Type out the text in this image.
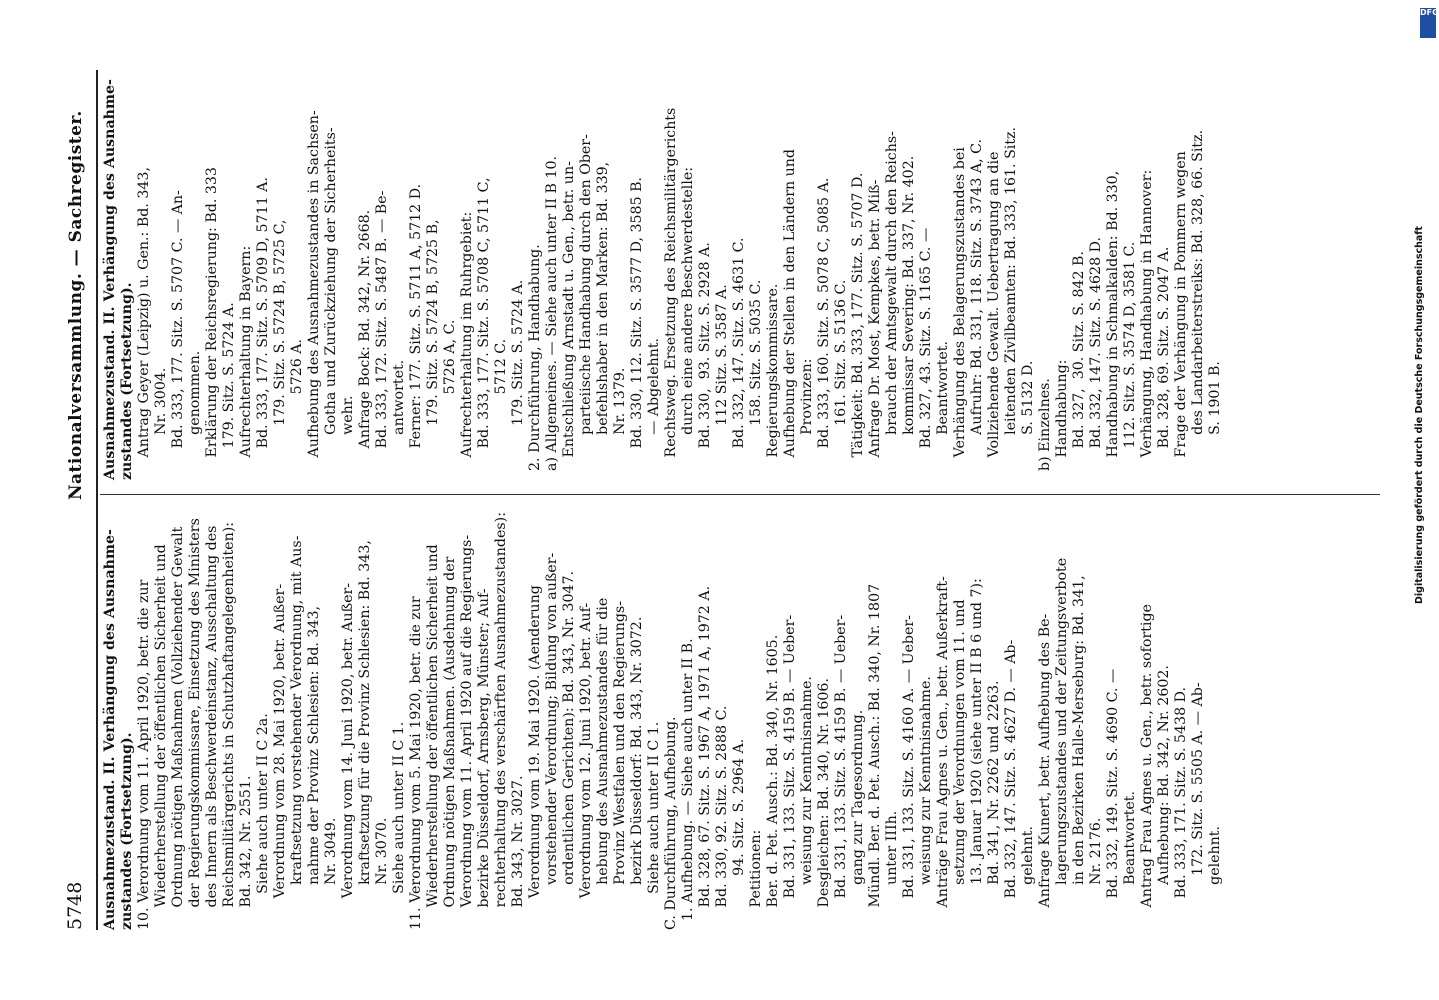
5748
Nationalversammlung. — Sachregister.

Ausnahmezustand. II. Verhängung des Ausnahme-
zustandes (Fortsetzung).

10. Verordnung vom 11. April 1920, betr. die zur
Wiederherstellung der öffentlichen Sicherheit und
Ordnung nötigen Maßnahmen (Vollziehender Gewalt
der Regierungskommissare, Einsetzung des Ministers
des Innern als Beschwerdeinstanz, Ausschaltung des
Reichsmilitärgerichts in Schutzhaftangelegenheiten):
Bd. 342, Nr. 2551.
Siehe auch unter II C 2a.
Verordnung vom 28. Mai 1920, betr. Außer-
kraftsetzung vorstehender Verordnung, mit Aus-
nahme der Provinz Schlesien: Bd. 343,
Nr. 3049.
Verordnung vom 14. Juni 1920, betr. Außer-
kraftsetzung für die Provinz Schlesien: Bd. 343,
Nr. 3070.
Siehe auch unter II C 1.

11. Verordnung vom 5. Mai 1920, betr. die zur
Wiederherstellung der öffentlichen Sicherheit und
Ordnung nötigen Maßnahmen. (Ausdehnung der
Verordnung vom 11. April 1920 auf die Regierungs-
bezirke Düsseldorf, Arnsberg, Münster; Auf-
rechterhaltung des verschärften Ausnahmezustandes):
Bd. 343, Nr. 3027.
Verordnung vom 19. Mai 1920. (Aenderung
vorstehender Verordnung; Bildung von außer-
ordentlichen Gerichten): Bd. 343, Nr. 3047.
Verordnung vom 12. Juni 1920, betr. Auf-
hebung des Ausnahmezustandes für die
Provinz Westfalen und den Regierungs-
bezirk Düsseldorf: Bd. 343, Nr. 3072.
Siehe auch unter II C 1.

C. Durchführung, Aufhebung.
1. Aufhebung. — Siehe auch unter II B.
Bd. 328, 67. Sitz. S. 1967 A, 1971 A, 1972 A.
Bd. 330, 92. Sitz. S. 2888 C.
94. Sitz. S. 2964 A.

Petitionen:
Ber. d. Pet. Ausch.: Bd. 340, Nr. 1605.
Bd. 331, 133. Sitz. S. 4159 B. — Ueber-
weisung zur Kenntnisnahme.
Desgleichen: Bd. 340, Nr. 1606.
Bd. 331, 133. Sitz. S. 4159 B. — Ueber-
gang zur Tagesordnung.
Mündl. Ber. d. Pet. Ausch.: Bd. 340, Nr. 1807
unter IIIh.
Bd. 331, 133. Sitz. S. 4160 A. — Ueber-
weisung zur Kenntnisnahme.
Anträge Frau Agnes u. Gen., betr. Außerkraft-
setzung der Verordnungen vom 11. und
13. Januar 1920 (siehe unter II B 6 und 7):
Bd. 341, Nr. 2262 und 2263.
Bd. 332, 147. Sitz. S. 4627 D. — Ab-
gelehnt.
Anfrage Kunert, betr. Aufhebung des Be-
lagerungszustandes und der Zeitungsverbote
in den Bezirken Halle-Merseburg: Bd. 341,
Nr. 2176.
Bd. 332, 149. Sitz. S. 4690 C. —
Beantwortet.
Antrag Frau Agnes u. Gen., betr. sofortige
Aufhebung: Bd. 342, Nr. 2602.
Bd. 333, 171. Sitz. S. 5438 D.
172. Sitz. S. 5505 A. — Ab-
gelehnt.

Ausnahmezustand. II. Verhängung des Ausnahme-
zustandes (Fortsetzung).

Antrag Geyer (Leipzig) u. Gen.: Bd. 343,
Nr. 3004.
Bd. 333, 177. Sitz. S. 5707 C. — An-
genommen.
Erklärung der Reichsregierung: Bd. 333
179. Sitz. S. 5724 A.
Aufrechterhaltung in Bayern:
Bd. 333, 177. Sitz. S. 5709 D, 5711 A.
179. Sitz. S. 5724 B, 5725 C,
5726 A.
Aufhebung des Ausnahmezustandes in Sachsen-
Gotha und Zurückziehung der Sicherheits-
wehr.
Anfrage Bock: Bd. 342, Nr. 2668.
Bd. 333, 172. Sitz. S. 5487 B. — Be-
antwortet.
Ferner: 177. Sitz. S. 5711 A, 5712 D.
179. Sitz. S. 5724 B, 5725 B,
5726 A, C.
Aufrechterhaltung im Ruhrgebiet:
Bd. 333, 177. Sitz. S. 5708 C, 5711 C,
5712 C.
179. Sitz. S. 5724 A.

2. Durchführung, Handhabung.
a) Allgemeines. — Siehe auch unter II B 10.
Entschließung Arnstadt u. Gen., betr. un-
parteiische Handhabung durch den Ober-
befehlshaber in den Marken: Bd. 339,
Nr. 1379.
Bd. 330, 112. Sitz. S. 3577 D, 3585 B.
— Abgelehnt.
Rechtsweg. Ersetzung des Reichsmilitärgerichts
durch eine andere Beschwerdestelle:
Bd. 330,  93. Sitz. S. 2928 A.
112 Sitz. S. 3587 A.
Bd. 332, 147. Sitz. S. 4631 C.
158. Sitz. S. 5035 C. Regierungskommissare.
Aufhebung der Stellen in den Ländern und
Provinzen:
Bd. 333, 160. Sitz. S. 5078 C, 5085 A.
161. Sitz. S. 5136 C.
Tätigkeit: Bd. 333, 177. Sitz. S. 5707 D.
Anfrage Dr. Most, Kempkes, betr. Miß-
brauch der Amtsgewalt durch den Reichs-
kommissar Severing: Bd. 337, Nr. 402.
Bd. 327, 43. Sitz. S. 1165 C. —
Beantwortet.
Verhängung des Belagerungszustandes bei
Aufruhr: Bd. 331, 118. Sitz. S. 3743 A, C.
Vollziehende Gewalt. Uebertragung an die
leitenden Zivilbeamten: Bd. 333, 161. Sitz.
S. 5132 D.

b) Einzelnes.
Handhabung:
Bd. 327,  30. Sitz. S. 842 B.
Bd. 332, 147. Sitz. S. 4628 D.
Handhabung in Schmalkalden: Bd. 330,
112. Sitz. S. 3574 D, 3581 C.
Verhängung, Handhabung in Hannover:
Bd. 328, 69. Sitz. S. 2047 A.
Frage der Verhängung in Pommern wegen
des Landarbeiterstreiks: Bd. 328, 66. Sitz.
S. 1901 B.

DFG
Digitalisierung gefördert durch die Deutsche Forschungsgemeinschaft
